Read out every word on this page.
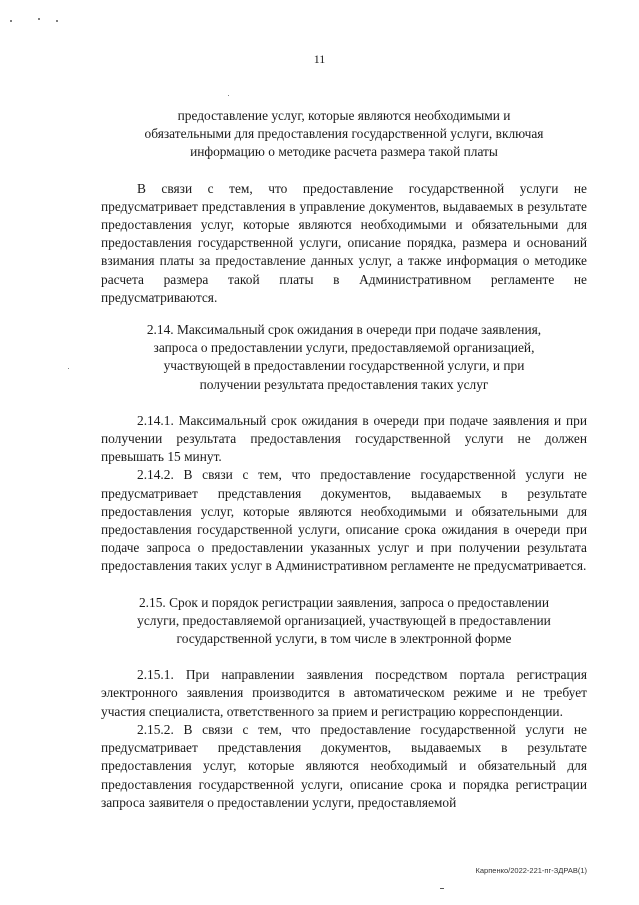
11

предоставление услуг, которые являются необходимыми и обязательными для предоставления государственной услуги, включая информацию о методике расчета размера такой платы

В связи с тем, что предоставление государственной услуги не предусматривает представления в управление документов, выдаваемых в результате предоставления услуг, которые являются необходимыми и обязательными для предоставления государственной услуги, описание порядка, размера и оснований взимания платы за предоставление данных услуг, а также информация о методике расчета размера такой платы в Административном регламенте не предусматриваются.

2.14. Максимальный срок ожидания в очереди при подаче заявления, запроса о предоставлении услуги, предоставляемой организацией, участвующей в предоставлении государственной услуги, и при получении результата предоставления таких услуг

2.14.1. Максимальный срок ожидания в очереди при подаче заявления и при получении результата предоставления государственной услуги не должен превышать 15 минут.

2.14.2. В связи с тем, что предоставление государственной услуги не предусматривает представления документов, выдаваемых в результате предоставления услуг, которые являются необходимыми и обязательными для предоставления государственной услуги, описание срока ожидания в очереди при подаче запроса о предоставлении указанных услуг и при получении результата предоставления таких услуг в Административном регламенте не предусматривается.

2.15. Срок и порядок регистрации заявления, запроса о предоставлении услуги, предоставляемой организацией, участвующей в предоставлении государственной услуги, в том числе в электронной форме

2.15.1. При направлении заявления посредством портала регистрация электронного заявления производится в автоматическом режиме и не требует участия специалиста, ответственного за прием и регистрацию корреспонденции.

2.15.2. В связи с тем, что предоставление государственной услуги не предусматривает представления документов, выдаваемых в результате предоставления услуг, которые являются необходимый и обязательный для предоставления государственной услуги, описание срока и порядка регистрации запроса заявителя о предоставлении услуги, предоставляемой

Карпенко/2022-221-пг-ЗДРАВ(1)
